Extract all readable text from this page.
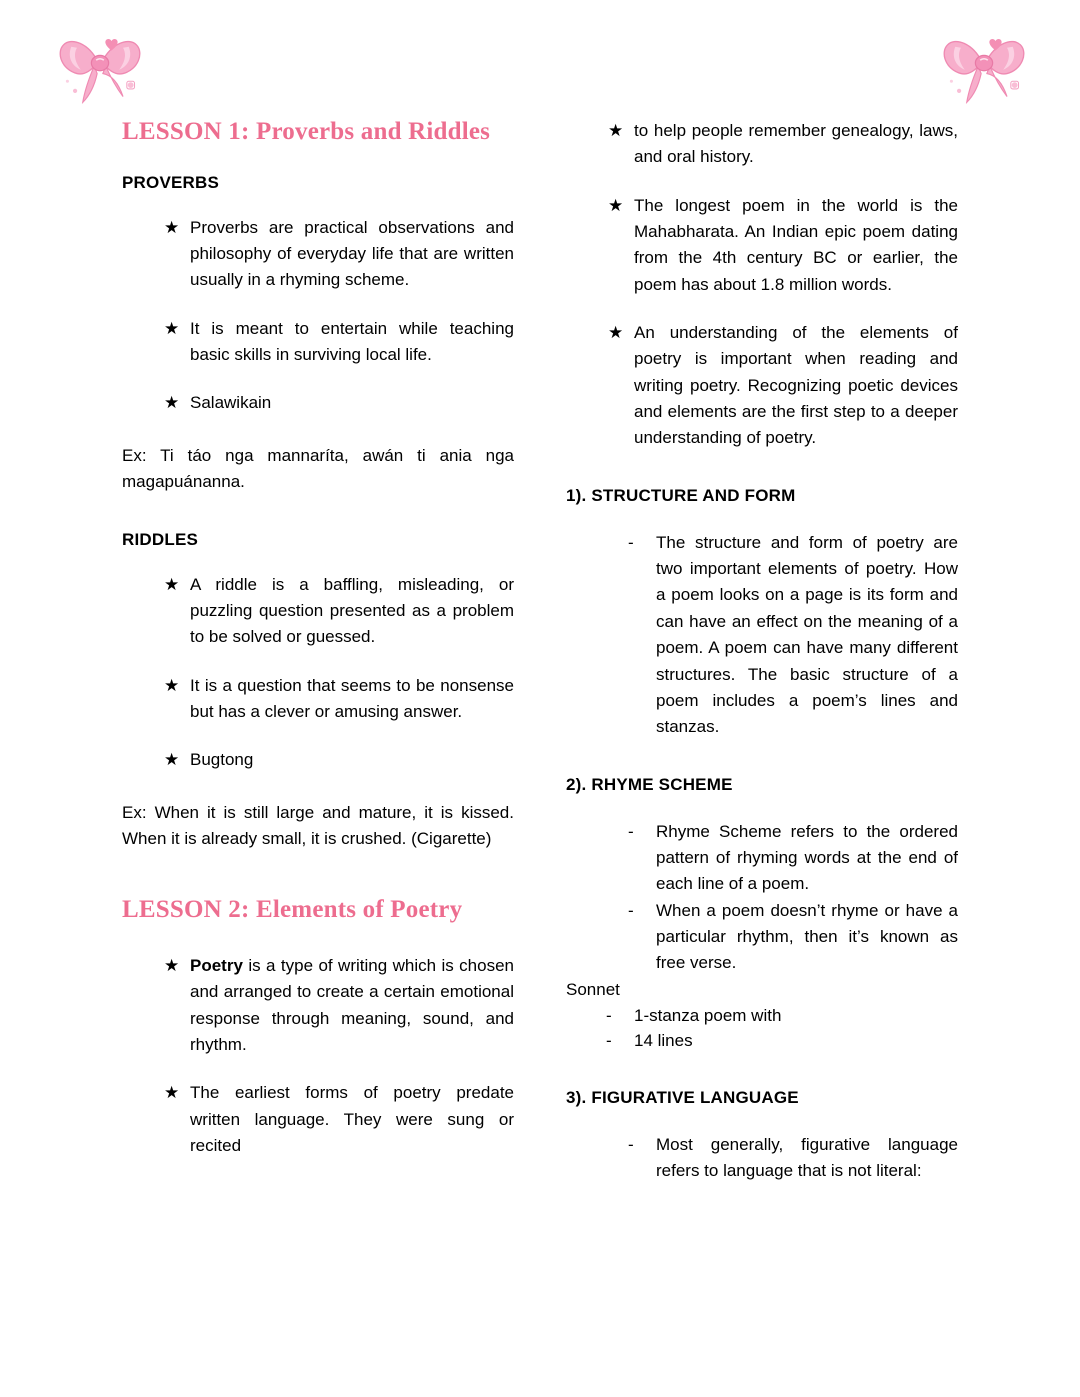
LESSON 1: Proverbs and Riddles
PROVERBS
★ Proverbs are practical observations and philosophy of everyday life that are written usually in a rhyming scheme.
★ It is meant to entertain while teaching basic skills in surviving local life.
★ Salawikain

Ex: Ti táo nga mannaríta, awán ti ania nga magapuánanna.

RIDDLES
★ A riddle is a baffling, misleading, or puzzling question presented as a problem to be solved or guessed.
★ It is a question that seems to be nonsense but has a clever or amusing answer.
★ Bugtong

Ex: When it is still large and mature, it is kissed. When it is already small, it is crushed. (Cigarette)

LESSON 2: Elements of Poetry
★ Poetry is a type of writing which is chosen and arranged to create a certain emotional response through meaning, sound, and rhythm.
★ The earliest forms of poetry predate written language. They were sung or recited
★ to help people remember genealogy, laws, and oral history.
★ The longest poem in the world is the Mahabharata. An Indian epic poem dating from the 4th century BC or earlier, the poem has about 1.8 million words.
★ An understanding of the elements of poetry is important when reading and writing poetry. Recognizing poetic devices and elements are the first step to a deeper understanding of poetry.
1). STRUCTURE AND FORM
- The structure and form of poetry are two important elements of poetry. How a poem looks on a page is its form and can have an effect on the meaning of a poem. A poem can have many different structures. The basic structure of a poem includes a poem’s lines and stanzas.
2). RHYME SCHEME
- Rhyme Scheme refers to the ordered pattern of rhyming words at the end of each line of a poem.
- When a poem doesn’t rhyme or have a particular rhythm, then it’s known as free verse.

Sonnet

- 1-stanza poem with
- 14 lines
3). FIGURATIVE LANGUAGE
- Most generally, figurative language refers to language that is not literal:
